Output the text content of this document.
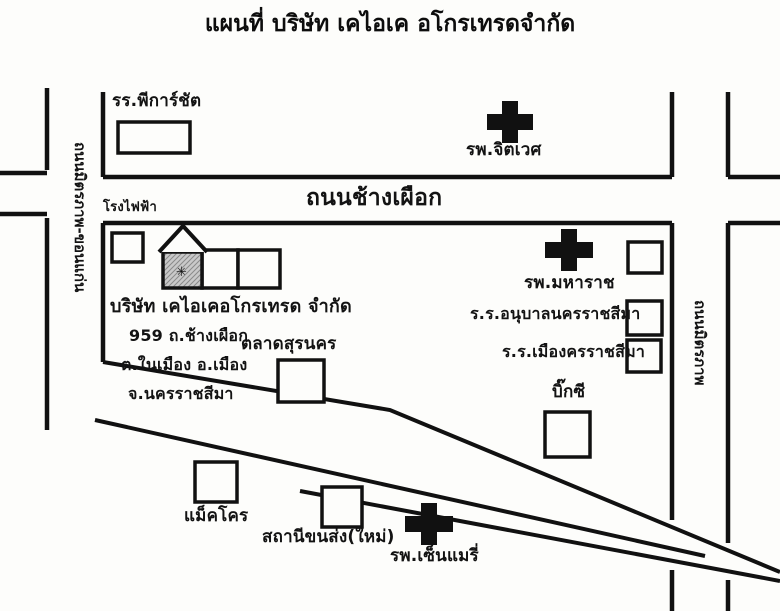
✳
แผนที่ บริษัท เคไอเค อโกรเทรดจำกัด
ถนนช้างเผือก
ถนนมิตรภาพ-ขอนแก่น
ถนนมิตรภาพ
รร.พีการ์ชัต
รพ.จิตเวศ
โรงไฟฟ้า
รพ.มหาราช
ร.ร.อนุบาลนครราชสีมา
ร.ร.เมืองครราชสีมา
ตลาดสุรนคร
บิ๊กซี
แม็คโคร
สถานีขนส่ง(ใหม่)
รพ.เซ็นแมรี่
บริษัท เคไอเคอโกรเทรด จำกัด
959 ถ.ช้างเผือก
ต.ในเมือง อ.เมือง
จ.นครราชสีมา
